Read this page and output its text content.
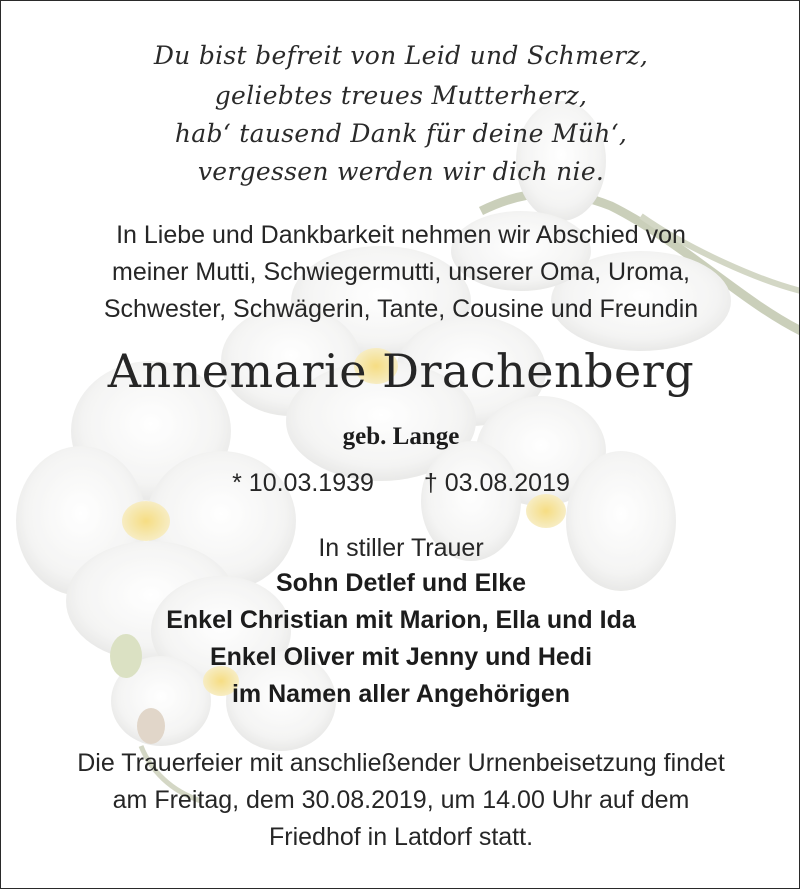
Du bist befreit von Leid und Schmerz,
geliebtes treues Mutterherz,
hab‘ tausend Dank für deine Müh‘,
vergessen werden wir dich nie.
In Liebe und Dankbarkeit nehmen wir Abschied von
meiner Mutti, Schwiegermutti, unserer Oma, Uroma,
Schwester, Schwägerin, Tante, Cousine und Freundin
Annemarie Drachenberg
geb. Lange
* 10.03.1939 † 03.08.2019
In stiller Trauer
Sohn Detlef und Elke
Enkel Christian mit Marion, Ella und Ida
Enkel Oliver mit Jenny und Hedi
im Namen aller Angehörigen
Die Trauerfeier mit anschließender Urnenbeisetzung findet
am Freitag, dem 30.08.2019, um 14.00 Uhr auf dem
Friedhof in Latdorf statt.
